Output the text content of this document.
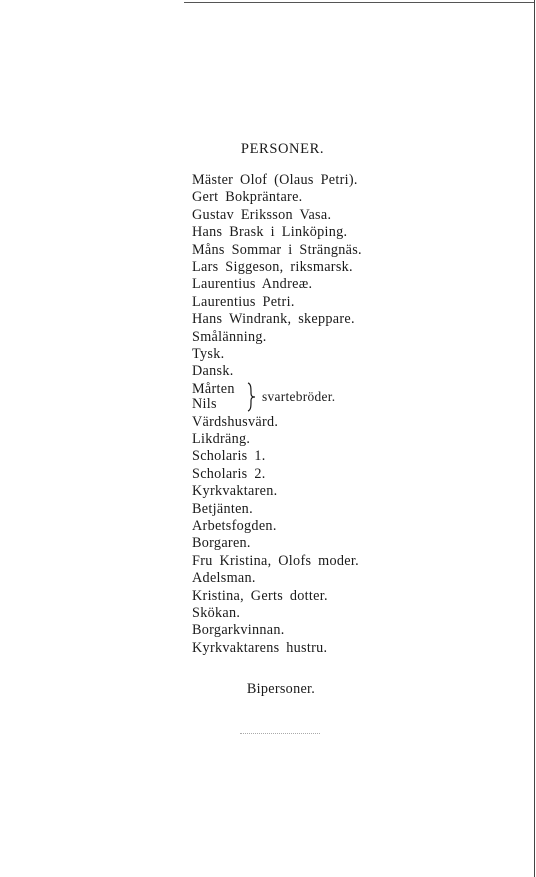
PERSONER.
Mäster Olof (Olaus Petri).
Gert Bokpräntare.
Gustav Eriksson Vasa.
Hans Brask i Linköping.
Måns Sommar i Strängnäs.
Lars Siggeson, riksmarsk.
Laurentius Andreæ.
Laurentius Petri.
Hans Windrank, skeppare.
Smålänning.
Tysk.
Dansk.
Mårten
Nils	svartebröder.
Värdshusvärd.
Likdräng.
Scholaris 1.
Scholaris 2.
Kyrkvaktaren.
Betjänten.
Arbetsfogden.
Borgaren.
Fru Kristina, Olofs moder.
Adelsman.
Kristina, Gerts dotter.
Skökan.
Borgarkvinnan.
Kyrkvaktarens hustru.
Bipersoner.
